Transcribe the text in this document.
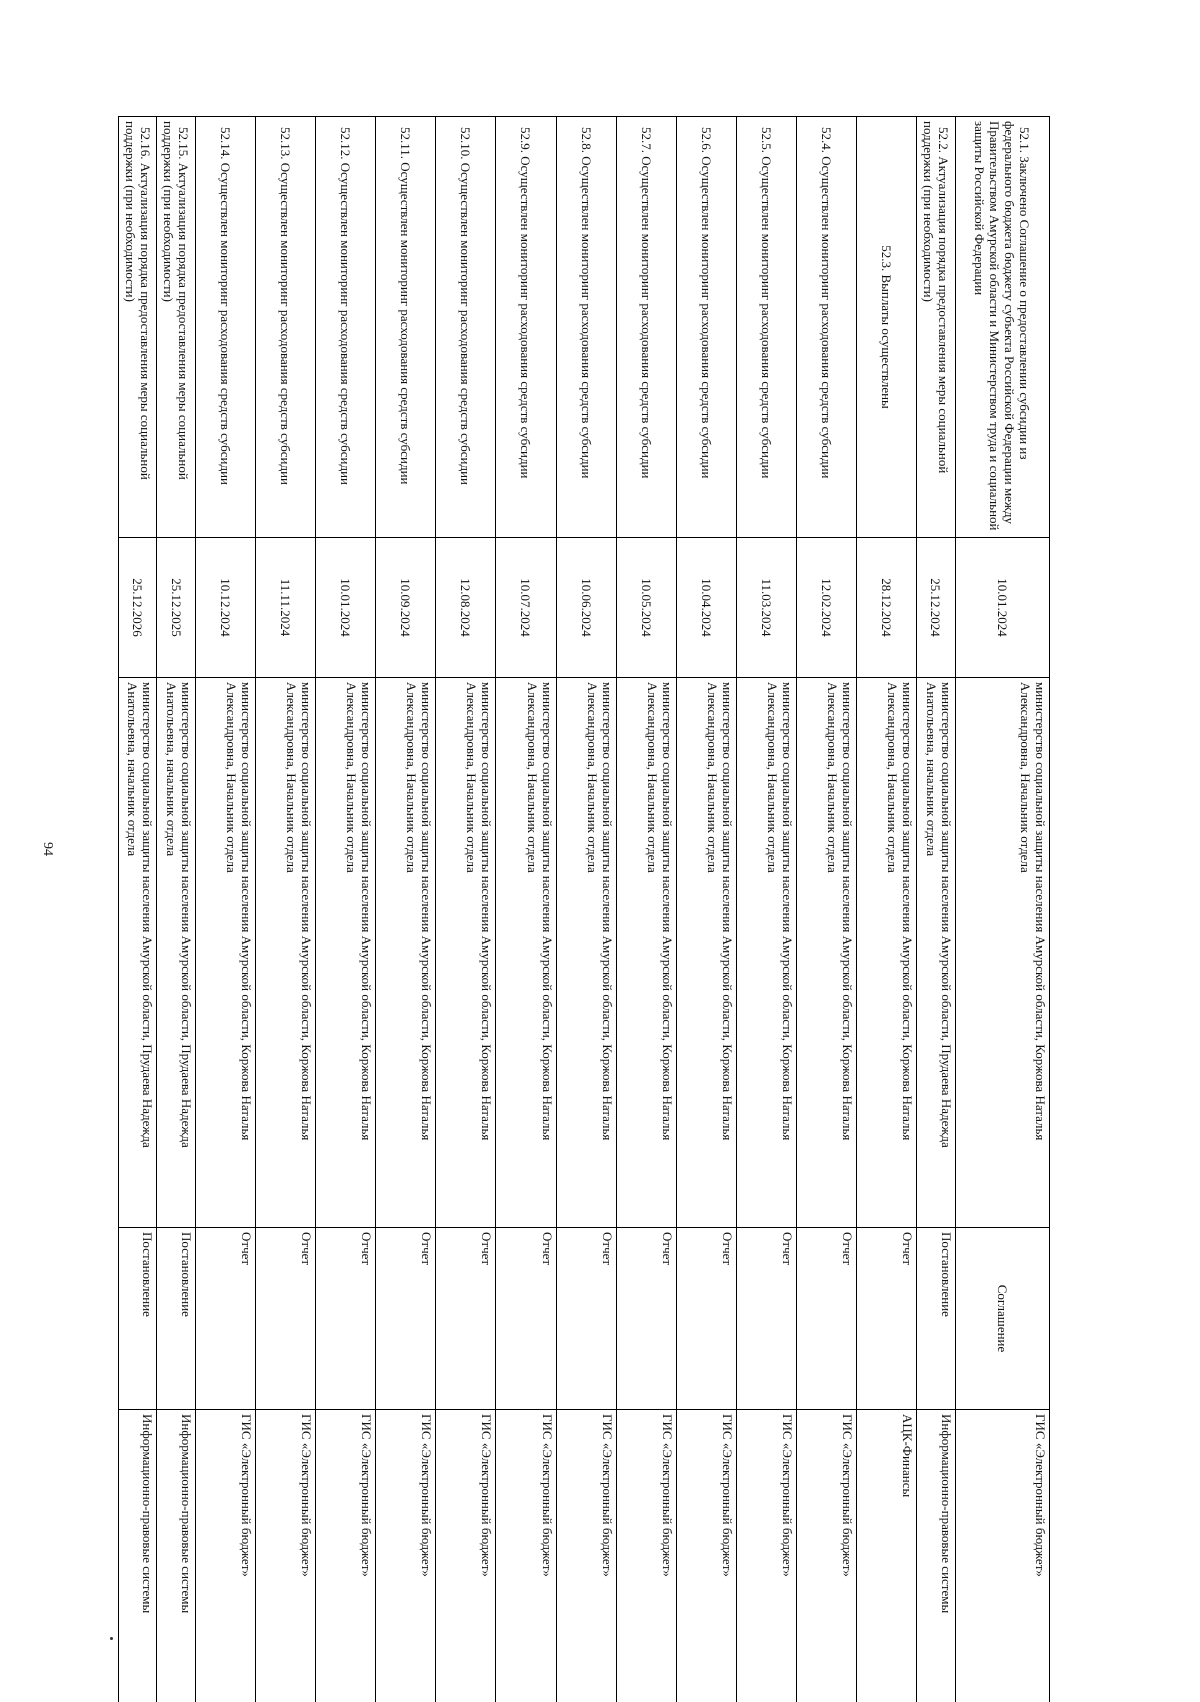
94
52.1. Заключено Соглашение о предоставлении субсидии из федерального бюджета бюджету субъекта Российской Федерации между Правительством Амурской области и Министерством труда и социальной защиты Российской Федерации	10.01.2024	министерство социальной защиты населения Амурской области, Коржова Наталья Александровна, Начальник отдела	Соглашение	ГИС «Электронный бюджет»
52.2. Актуализация порядка предоставления меры социальной поддержки (при необходимости)	25.12.2024	министерство социальной защиты населения Амурской области, Прудаева Надежда Анатольевна, начальник отдела	Постановление	Информационно-правовые системы
52.3. Выплаты осуществлены	28.12.2024	министерство социальной защиты населения Амурской области, Коржова Наталья Александровна, Начальник отдела	Отчет	АЦК-Финансы
52.4. Осуществлен мониторинг расходования средств субсидии	12.02.2024	министерство социальной защиты населения Амурской области, Коржова Наталья Александровна, Начальник отдела	Отчет	ГИС «Электронный бюджет»
52.5. Осуществлен мониторинг расходования средств субсидии	11.03.2024	министерство социальной защиты населения Амурской области, Коржова Наталья Александровна, Начальник отдела	Отчет	ГИС «Электронный бюджет»
52.6. Осуществлен мониторинг расходования средств субсидии	10.04.2024	министерство социальной защиты населения Амурской области, Коржова Наталья Александровна, Начальник отдела	Отчет	ГИС «Электронный бюджет»
52.7. Осуществлен мониторинг расходования средств субсидии	10.05.2024	министерство социальной защиты населения Амурской области, Коржова Наталья Александровна, Начальник отдела	Отчет	ГИС «Электронный бюджет»
52.8. Осуществлен мониторинг расходования средств субсидии	10.06.2024	министерство социальной защиты населения Амурской области, Коржова Наталья Александровна, Начальник отдела	Отчет	ГИС «Электронный бюджет»
52.9. Осуществлен мониторинг расходования средств субсидии	10.07.2024	министерство социальной защиты населения Амурской области, Коржова Наталья Александровна, Начальник отдела	Отчет	ГИС «Электронный бюджет»
52.10. Осуществлен мониторинг расходования средств субсидии	12.08.2024	министерство социальной защиты населения Амурской области, Коржова Наталья Александровна, Начальник отдела	Отчет	ГИС «Электронный бюджет»
52.11. Осуществлен мониторинг расходования средств субсидии	10.09.2024	министерство социальной защиты населения Амурской области, Коржова Наталья Александровна, Начальник отдела	Отчет	ГИС «Электронный бюджет»
52.12. Осуществлен мониторинг расходования средств субсидии	10.01.2024	министерство социальной защиты населения Амурской области, Коржова Наталья Александровна, Начальник отдела	Отчет	ГИС «Электронный бюджет»
52.13. Осуществлен мониторинг расходования средств субсидии	11.11.2024	министерство социальной защиты населения Амурской области, Коржова Наталья Александровна, Начальник отдела	Отчет	ГИС «Электронный бюджет»
52.14. Осуществлен мониторинг расходования средств субсидии	10.12.2024	министерство социальной защиты населения Амурской области, Коржова Наталья Александровна, Начальник отдела	Отчет	ГИС «Электронный бюджет»
52.15. Актуализация порядка предоставления меры социальной поддержки (при необходимости)	25.12.2025	министерство социальной защиты населения Амурской области, Прудаева Надежда Анатольевна, начальник отдела	Постановление	Информационно-правовые системы
52.16. Актуализация порядка предоставления меры социальной поддержки (при необходимости)	25.12.2026	министерство социальной защиты населения Амурской области, Прудаева Надежда Анатольевна, начальник отдела	Постановление	Информационно-правовые системы
